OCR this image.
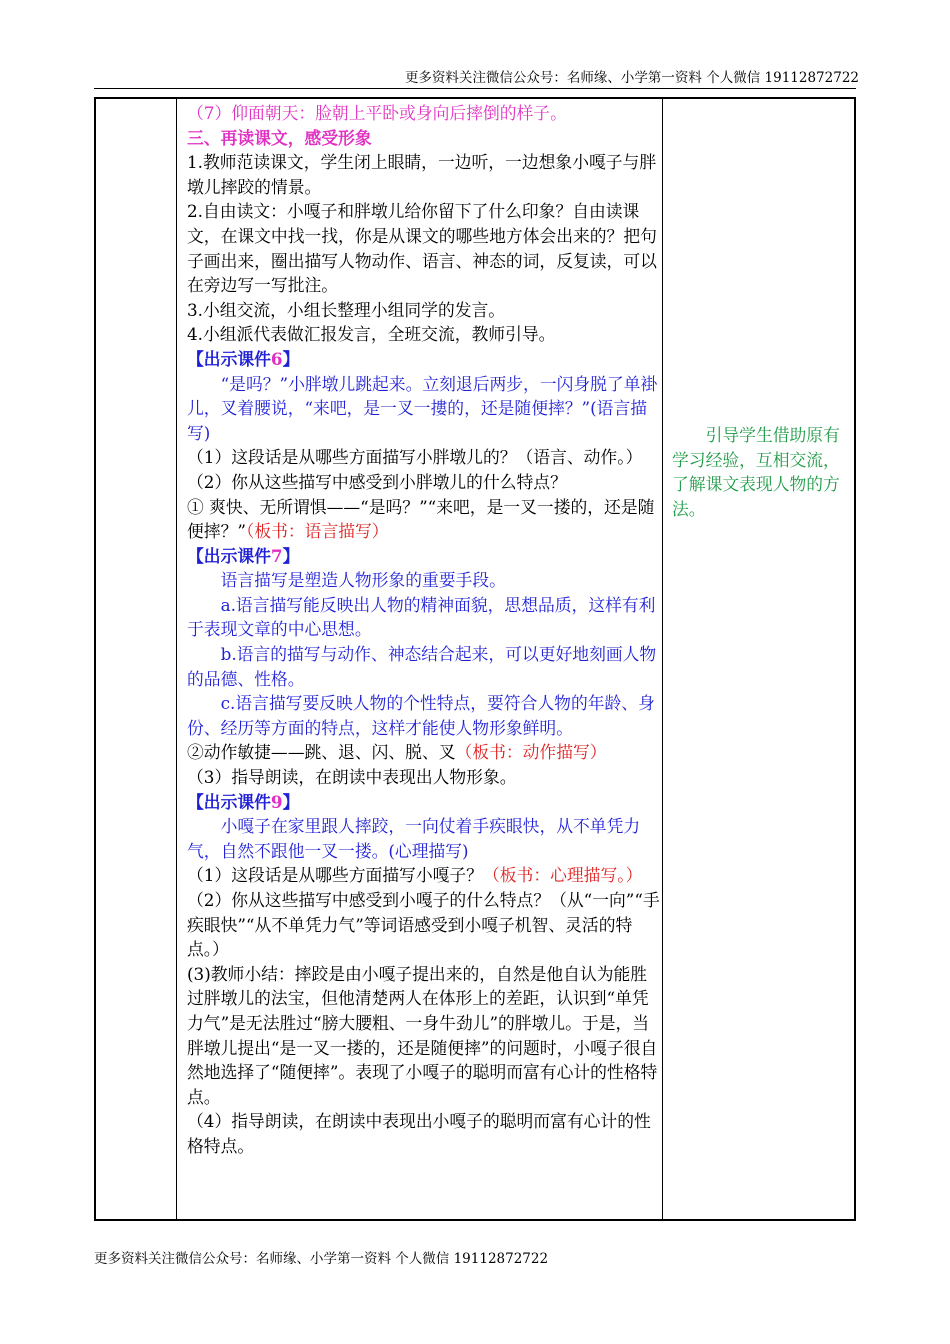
更多资料关注微信公众号：名师缘、小学第一资料 个人微信 19112872722
（7）仰面朝天：脸朝上平卧或身向后摔倒的样子。
三、再读课文，感受形象
1.教师范读课文，学生闭上眼睛，一边听，一边想象小嘎子与胖墩儿摔跤的情景。
2.自由读文：小嘎子和胖墩儿给你留下了什么印象？自由读课文，在课文中找一找，你是从课文的哪些地方体会出来的？把句子画出来，圈出描写人物动作、语言、神态的词，反复读，可以在旁边写一写批注。
3.小组交流，小组长整理小组同学的发言。
4.小组派代表做汇报发言，全班交流，教师引导。
【出示课件6】
“是吗？”小胖墩儿跳起来。立刻退后两步，一闪身脱了单褂儿，叉着腰说，“来吧，是一叉一摟的，还是随便摔？”(语言描写)
（1）这段话是从哪些方面描写小胖墩儿的？（语言、动作。）
（2）你从这些描写中感受到小胖墩儿的什么特点？
① 爽快、无所谓惧——“是吗？”“来吧，是一叉一搂的，还是随便摔？”（板书：语言描写）
【出示课件7】
语言描写是塑造人物形象的重要手段。
a.语言描写能反映出人物的精神面貌，思想品质，这样有利于表现文章的中心思想。
b.语言的描写与动作、神态结合起来，可以更好地刻画人物的品德、性格。
c.语言描写要反映人物的个性特点，要符合人物的年龄、身份、经历等方面的特点，这样才能使人物形象鲜明。
②动作敏捷——跳、退、闪、脱、叉（板书：动作描写）
（3）指导朗读，在朗读中表现出人物形象。
【出示课件9】
小嘎子在家里跟人摔跤，一向仗着手疾眼快，从不单凭力气，自然不跟他一叉一搂。(心理描写)
（1）这段话是从哪些方面描写小嘎子？（板书：心理描写。）
（2）你从这些描写中感受到小嘎子的什么特点？（从“一向”“手疾眼快”“从不单凭力气”等词语感受到小嘎子机智、灵活的特点。）
(3)教师小结：摔跤是由小嘎子提出来的，自然是他自认为能胜过胖墩儿的法宝，但他清楚两人在体形上的差距，认识到“单凭力气”是无法胜过“膀大腰粗、一身牛劲儿”的胖墩儿。于是，当胖墩儿提出“是一叉一搂的，还是随便摔”的问题时，小嘎子很自然地选择了“随便摔”。表现了小嘎子的聪明而富有心计的性格特点。
（4）指导朗读，在朗读中表现出小嘎子的聪明而富有心计的性格特点。
引导学生借助原有学习经验，互相交流，了解课文表现人物的方法。
更多资料关注微信公众号：名师缘、小学第一资料 个人微信 19112872722
